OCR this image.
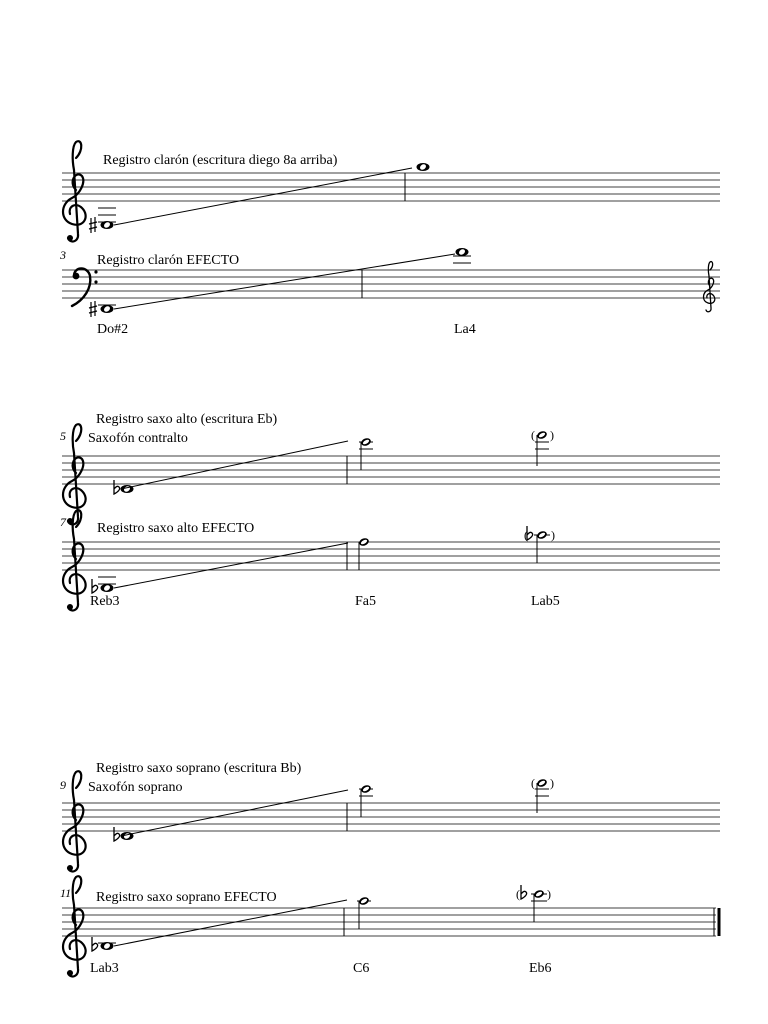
( )
( )
( )
( )
Registro clarón (escritura diego 8a arriba)
3 Registro clarón EFECTO
Do#2	La4
Registro saxo alto (escritura Eb)
5 Saxofón contralto
7 Registro saxo alto EFECTO
Reb3	Fa5	Lab5
Registro saxo soprano (escritura Bb)
9 Saxofón soprano
11 Registro saxo soprano EFECTO
Lab3	C6	Eb6
